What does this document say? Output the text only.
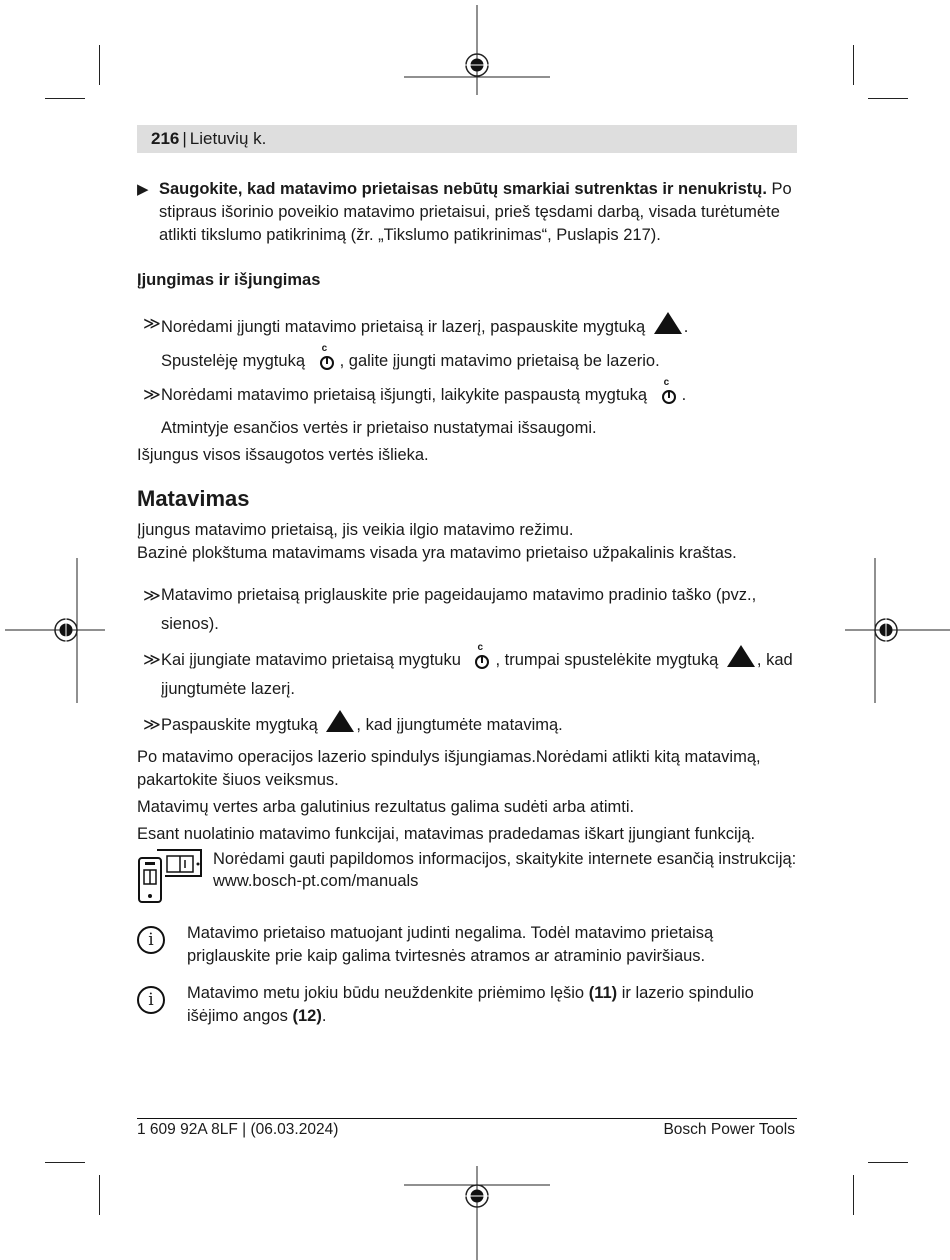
216 | Lietuvių k.

▶ Saugokite, kad matavimo prietaisas nebūtų smarkiai sutrenktas ir nenukristų. Po stipraus išorinio poveikio matavimo prietaisui, prieš tęsdami darbą, visada turėtumėte atlikti tikslumo patikrinimą (žr. „Tikslumo patikrinimas“, Puslapis 217).

Įjungimas ir išjungimas

≫ Norėdami įjungti matavimo prietaisą ir lazerį, paspauskite mygtuką .

Spustelėję mygtuką
c
, galite įjungti matavimo prietaisą be lazerio.

≫ Norėdami matavimo prietaisą išjungti, laikykite paspaustą mygtuką
c
.

Atmintyje esančios vertės ir prietaiso nustatymai išsaugomi.

Išjungus visos išsaugotos vertės išlieka.

Matavimas

Įjungus matavimo prietaisą, jis veikia ilgio matavimo režimu.

Bazinė plokštuma matavimams visada yra matavimo prietaiso užpakalinis kraštas.

≫ Matavimo prietaisą priglauskite prie pageidaujamo matavimo pradinio taško (pvz., sienos).

≫ Kai įjungiate matavimo prietaisą mygtuku
c
, trumpai spustelėkite mygtuką , kad įjungtumėte lazerį.

≫ Paspauskite mygtuką , kad įjungtumėte matavimą.

Po matavimo operacijos lazerio spindulys išjungiamas.Norėdami atlikti kitą matavimą, pakartokite šiuos veiksmus.

Matavimų vertes arba galutinius rezultatus galima sudėti arba atimti.

Esant nuolatinio matavimo funkcijai, matavimas pradedamas iškart įjungiant funkciją.

Norėdami gauti papildomos informacijos, skaitykite internete esančią instrukciją: www.bosch-pt.com/manuals
i	Matavimo prietaiso matuojant judinti negalima. Todėl matavimo prietaisą priglauskite prie kaip galima tvirtesnės atramos ar atraminio paviršiaus.
i	Matavimo metu jokiu būdu neuždenkite priėmimo lęšio (11) ir lazerio spindulio išėjimo angos (12).
1 609 92A 8LF | (06.03.2024)	Bosch Power Tools
